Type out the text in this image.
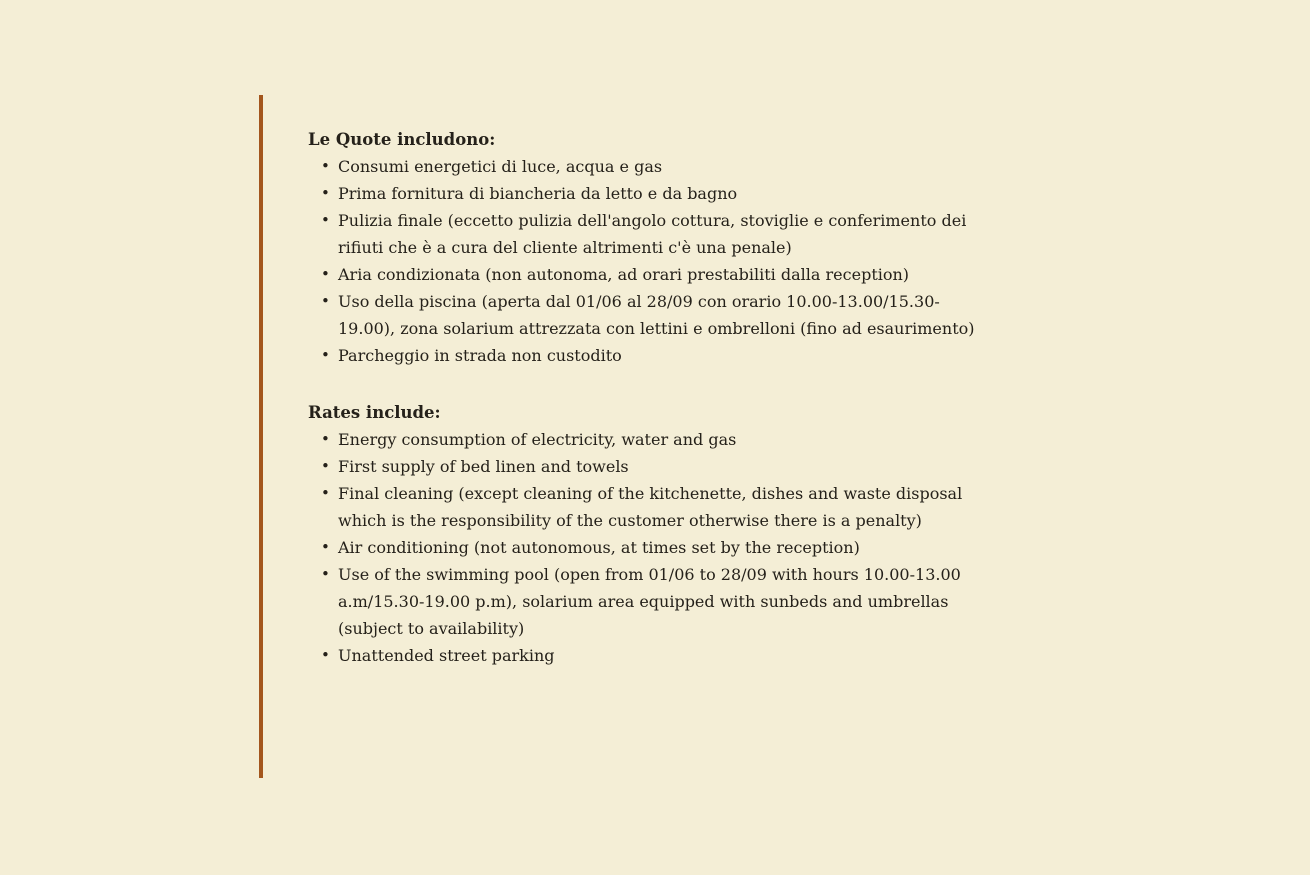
Le Quote includono:
• Consumi energetici di luce, acqua e gas
• Prima fornitura di biancheria da letto e da bagno
• Pulizia finale (eccetto pulizia dell'angolo cottura, stoviglie e conferimento dei rifiuti che è a cura del cliente altrimenti c'è una penale)
• Aria condizionata (non autonoma, ad orari prestabiliti dalla reception)
• Uso della piscina (aperta dal 01/06 al 28/09 con orario 10.00-13.00/15.30-19.00), zona solarium attrezzata con lettini e ombrelloni (fino ad esaurimento)
• Parcheggio in strada non custodito
Rates include:
• Energy consumption of electricity, water and gas
• First supply of bed linen and towels
• Final cleaning (except cleaning of the kitchenette, dishes and waste disposal which is the responsibility of the customer otherwise there is a penalty)
• Air conditioning (not autonomous, at times set by the reception)
• Use of the swimming pool (open from 01/06 to 28/09 with hours 10.00-13.00 a.m/15.30-19.00 p.m), solarium area equipped with sunbeds and umbrellas (subject to availability)
• Unattended street parking
